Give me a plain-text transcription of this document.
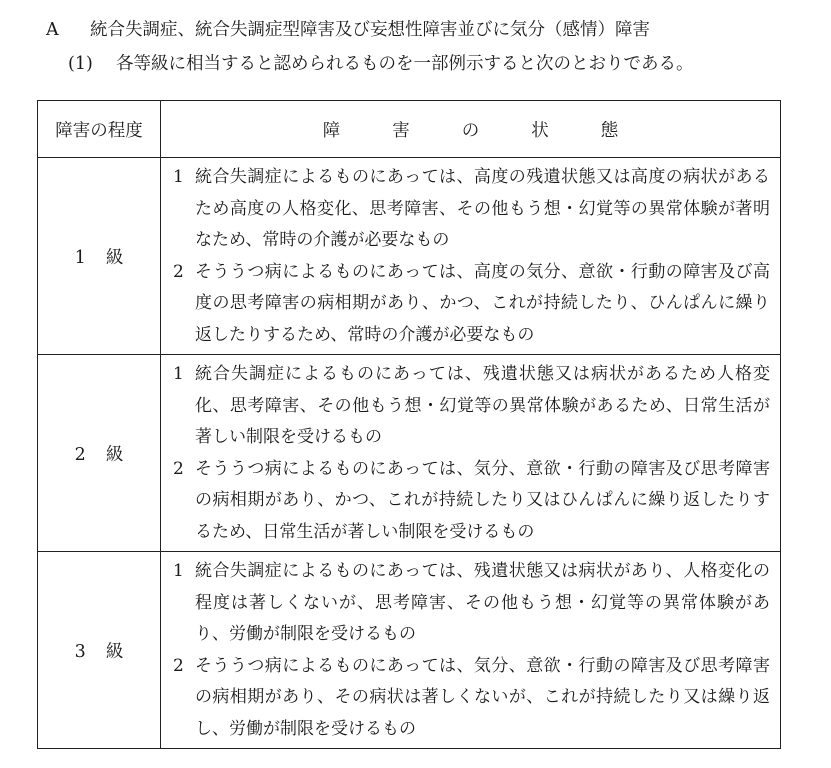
A 統合失調症、統合失調症型障害及び妄想性障害並びに気分（感情）障害
(1) 各等級に相当すると認められるものを一部例示すると次のとおりである。
障害の程度	障 害 の 状 態
1 級	1 統合失調症によるものにあっては、高度の残遺状態又は高度の病状があるため高度の人格変化、思考障害、その他もう想・幻覚等の異常体験が著明なため、常時の介護が必要なもの
2 そううつ病によるものにあっては、高度の気分、意欲・行動の障害及び高度の思考障害の病相期があり、かつ、これが持続したり、ひんぱんに繰り返したりするため、常時の介護が必要なもの

2 級	1 統合失調症によるものにあっては、残遺状態又は病状があるため人格変化、思考障害、その他もう想・幻覚等の異常体験があるため、日常生活が著しい制限を受けるもの
2 そううつ病によるものにあっては、気分、意欲・行動の障害及び思考障害の病相期があり、かつ、これが持続したり又はひんぱんに繰り返したりするため、日常生活が著しい制限を受けるもの

3 級	1 統合失調症によるものにあっては、残遺状態又は病状があり、人格変化の程度は著しくないが、思考障害、その他もう想・幻覚等の異常体験があり、労働が制限を受けるもの
2 そううつ病によるものにあっては、気分、意欲・行動の障害及び思考障害の病相期があり、その病状は著しくないが、これが持続したり又は繰り返し、労働が制限を受けるもの
